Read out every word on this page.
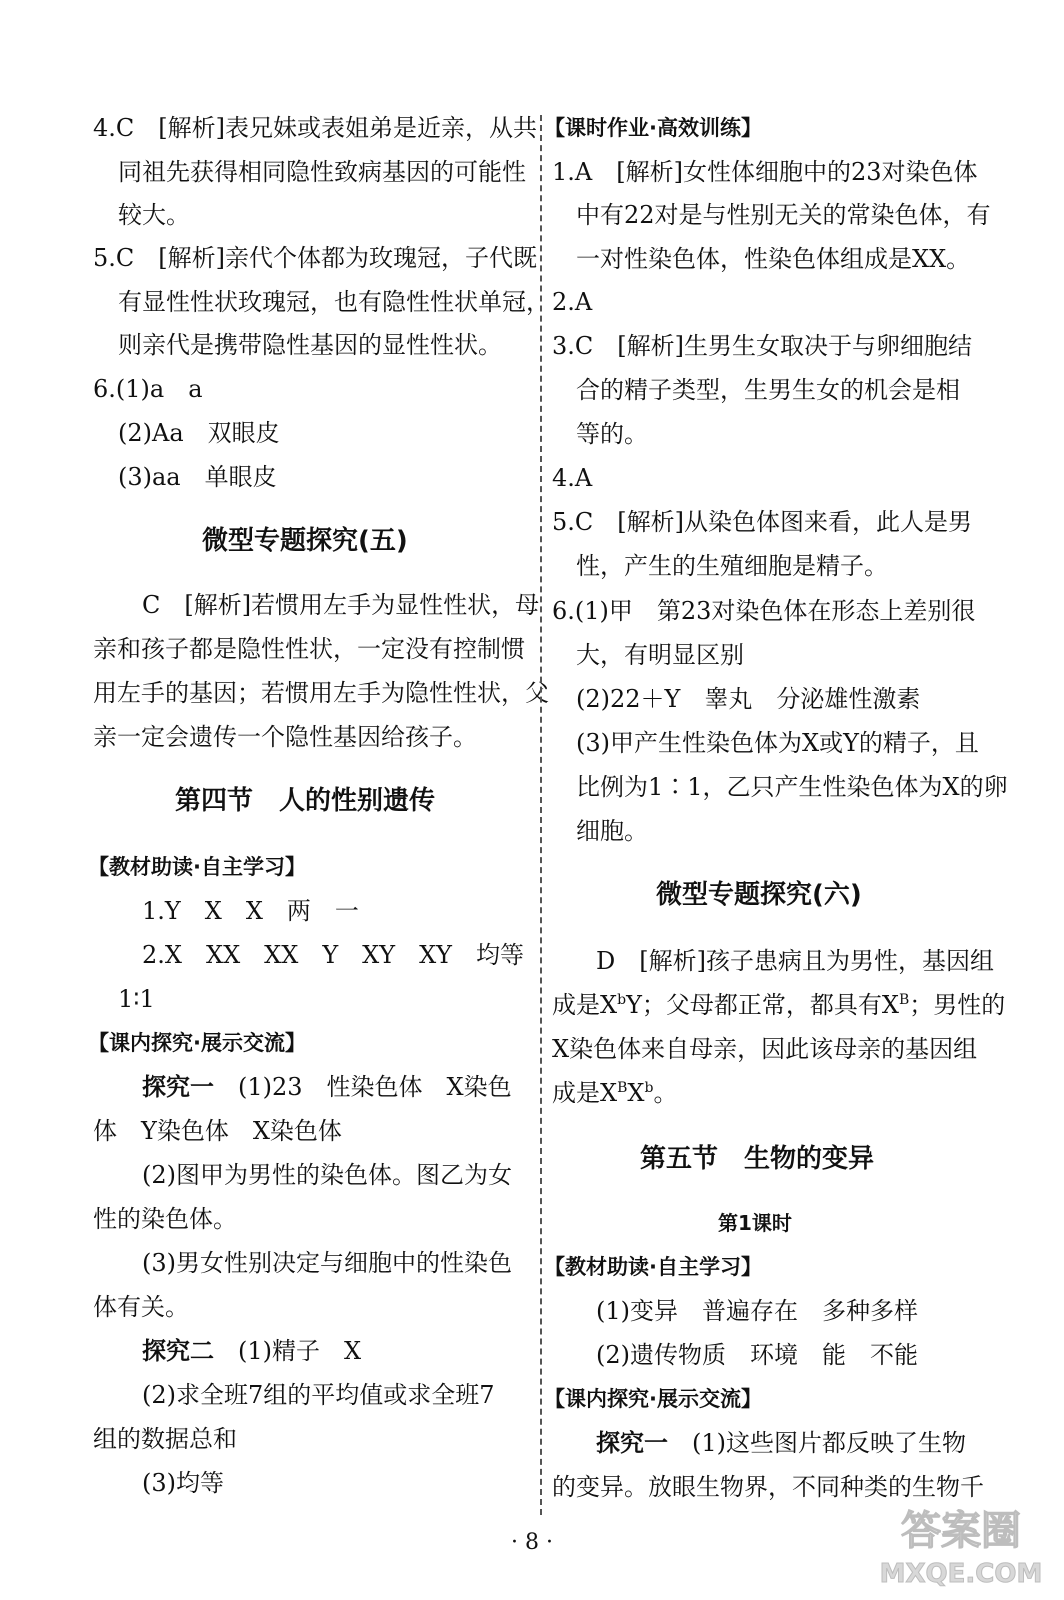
4.C　[解析]表兄妹或表姐弟是近亲，从共

同祖先获得相同隐性致病基因的可能性

较大。

5.C　[解析]亲代个体都为玫瑰冠，子代既

有显性性状玫瑰冠，也有隐性性状单冠，

则亲代是携带隐性基因的显性性状。

6.(1)a　a

(2)Aa　双眼皮

(3)aa　单眼皮

微型专题探究(五)

C　[解析]若惯用左手为显性性状，母

亲和孩子都是隐性性状，一定没有控制惯

用左手的基因；若惯用左手为隐性性状，父

亲一定会遗传一个隐性基因给孩子。

第四节　人的性别遗传

【教材助读·自主学习】

1.Y　X　X　两　一

2.X　XX　XX　Y　XY　XY　均等

1∶1

【课内探究·展示交流】

探究一　(1)23　性染色体　X染色

体　Y染色体　X染色体

(2)图甲为男性的染色体。图乙为女

性的染色体。

(3)男女性别决定与细胞中的性染色

体有关。

探究二　(1)精子　X

(2)求全班7组的平均值或求全班7

组的数据总和

(3)均等

【课时作业·高效训练】

1.A　[解析]女性体细胞中的23对染色体

中有22对是与性别无关的常染色体，有

一对性染色体，性染色体组成是XX。

2.A

3.C　[解析]生男生女取决于与卵细胞结

合的精子类型，生男生女的机会是相

等的。

4.A

5.C　[解析]从染色体图来看，此人是男

性，产生的生殖细胞是精子。

6.(1)甲　第23对染色体在形态上差别很

大，有明显区别

(2)22＋Y　睾丸　分泌雄性激素

(3)甲产生性染色体为X或Y的精子，且

比例为1∶1，乙只产生性染色体为X的卵

细胞。

微型专题探究(六)

D　[解析]孩子患病且为男性，基因组

成是$X^bY$；父母都正常，都具有$X^B$；男性的

X染色体来自母亲，因此该母亲的基因组

成是$X^BX^b$。

第五节　生物的变异

第1课时

【教材助读·自主学习】

(1)变异　普遍存在　多种多样

(2)遗传物质　环境　能　不能

【课内探究·展示交流】

探究一　(1)这些图片都反映了生物

的变异。放眼生物界，不同种类的生物千

· 8 ·	答案圈
MXQE.COM
